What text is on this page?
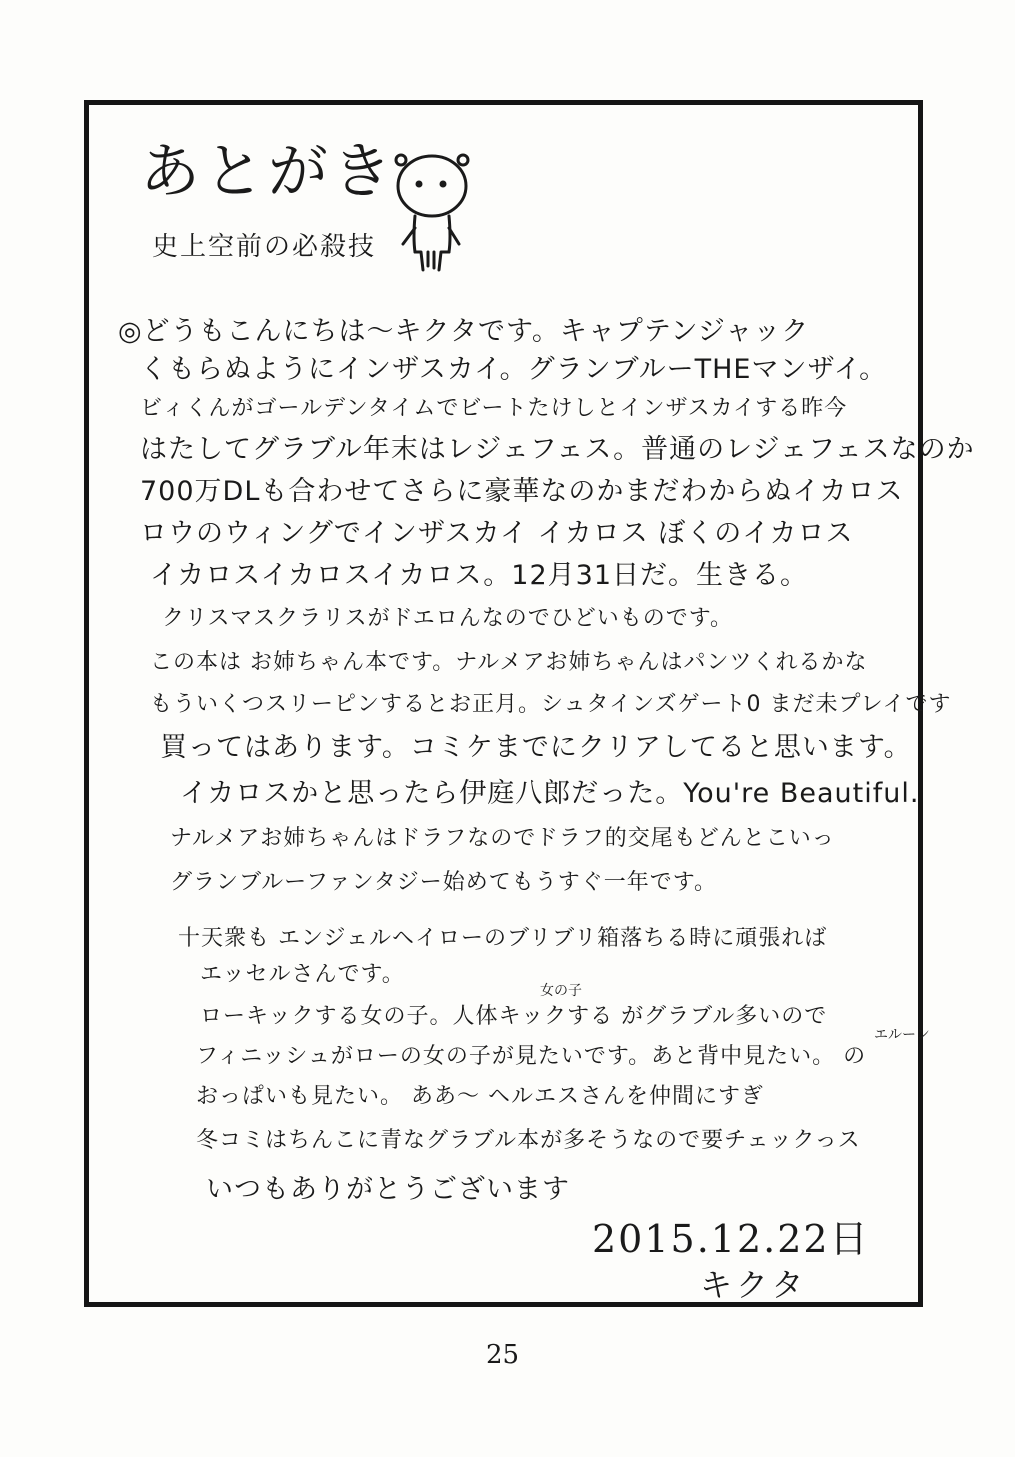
あとがき
史上空前の必殺技
◎どうもこんにちは〜キクタです。キャプテンジャック
くもらぬようにインザスカイ。グランブルーTHEマンザイ。
ビィくんがゴールデンタイムでビートたけしとインザスカイする昨今
はたしてグラブル年末はレジェフェス。普通のレジェフェスなのか
700万DLも合わせてさらに豪華なのかまだわからぬイカロス
ロウのウィングでインザスカイ イカロス ぼくのイカロス
イカロスイカロスイカロス。12月31日だ。生きる。
クリスマスクラリスがドエロんなのでひどいものです。
この本は お姉ちゃん本です。ナルメアお姉ちゃんはパンツくれるかな
もういくつスリーピンするとお正月。シュタインズゲート0 まだ未プレイです
買ってはあります。コミケまでにクリアしてると思います。
イカロスかと思ったら伊庭八郎だった。You're Beautiful.
ナルメアお姉ちゃんはドラフなのでドラフ的交尾もどんとこいっ
グランブルーファンタジー始めてもうすぐ一年です。
十天衆も エンジェルヘイローのブリブリ箱落ちる時に頑張れば
エッセルさんです。
女の子
ローキックする女の子。人体キックする がグラブル多いので
エルーン
フィニッシュがローの女の子が見たいです。あと背中見たい。 の
おっぱいも見たい。 ああ〜 ヘルエスさんを仲間にすぎ
冬コミはちんこに青なグラブル本が多そうなので要チェックっス
いつもありがとうございます
2015.12.22日
キクタ
25
